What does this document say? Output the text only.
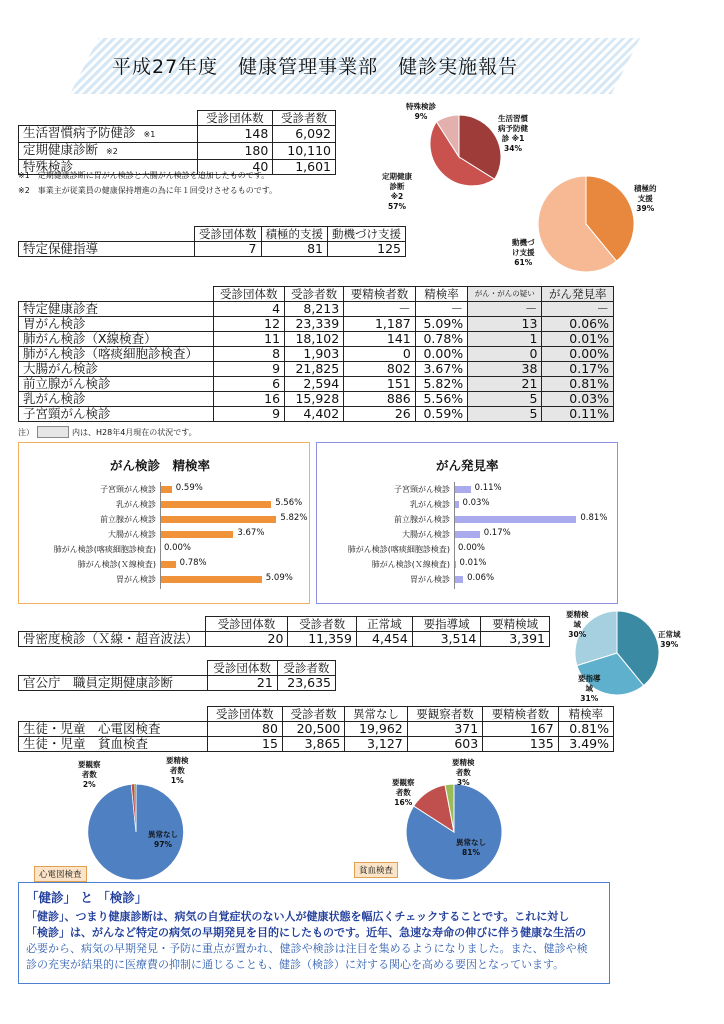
平成27年度　健康管理事業部　健診実施報告
	受診団体数	受診者数
生活習慣病予防健診 ※1	148	6,092
定期健康診断 ※2	180	10,110
特殊検診	40	1,601
※1　定期健康診断に胃がん検診と大腸がん検診を追加したものです。
※2　事業主が従業員の健康保持増進の為に年１回受けさせるものです。
特殊検診
9%	生活習慣
病予防健
診 ※1
34%
定期健康
診断
※2
57%
	受診団体数	積極的支援	動機づけ支援
特定保健指導	7	81	125
積極的
支援
39%
動機づ
け支援
61%
	受診団体数	受診者数	要精検者数	精検率	がん・がんの疑い	がん発見率
特定健康診査	4	8,213	－	－	－	－
胃がん検診	12	23,339	1,187	5.09%	13	0.06%
肺がん検診（X線検査）	11	18,102	141	0.78%	1	0.01%
肺がん検診（喀痰細胞診検査）	8	1,903	0	0.00%	0	0.00%
大腸がん検診	9	21,825	802	3.67%	38	0.17%
前立腺がん検診	6	2,594	151	5.82%	21	0.81%
乳がん検診	16	15,928	886	5.56%	5	0.03%
子宮頸がん検診	9	4,402	26	0.59%	5	0.11%
注）	内は、H28年4月現在の状況です。
がん検診　精検率
子宮頸がん検診 0.59%
乳がん検診	5.56%
前立腺がん検診	5.82%
大腸がん検診	3.67%
肺がん検診(喀痰細胞診検査) 0.00%
肺がん検診(Ｘ線検査)	0.78%
胃がん検診	5.09%
がん発見率
子宮頸がん検診	0.11%
乳がん検診 0.03%
前立腺がん検診	0.81%
大腸がん検診	0.17%
肺がん検診(喀痰細胞診検査) 0.00%
肺がん検診(Ｘ線検査) 0.01%
胃がん検診 0.06%
	受診団体数	受診者数	正常域	要指導域	要精検域
骨密度検診（Ｘ線・超音波法）	20	11,359	4,454	3,514	3,391
要精検
域
30%	正常域
39%
要指導
域
31%
	受診団体数	受診者数
官公庁　職員定期健康診断	21	23,635
	受診団体数	受診者数	異常なし	要観察者数	要精検者数	精検率
生徒・児童　心電図検査	80	20,500	19,962	371	167	0.81%
生徒・児童　貧血検査	15	3,865	3,127	603	135	3.49%
要観察
者数
2%
要精検
者数
1%
異常なし
97%
心電図検査
要観察
者数
16%
要精検
者数
3%
異常なし
81%
貧血検査
「健診」 と 「検診」
「健診」、つまり健康診断は、病気の自覚症状のない人が健康状態を幅広くチェックすることです。これに対し
「検診」は、がんなど特定の病気の早期発見を目的にしたものです。近年、急速な寿命の伸びに伴う健康な生活の
必要から、病気の早期発見・予防に重点が置かれ、健診や検診は注目を集めるようになりました。また、健診や検
診の充実が結果的に医療費の抑制に通じることも、健診（検診）に対する関心を高める要因となっています。
